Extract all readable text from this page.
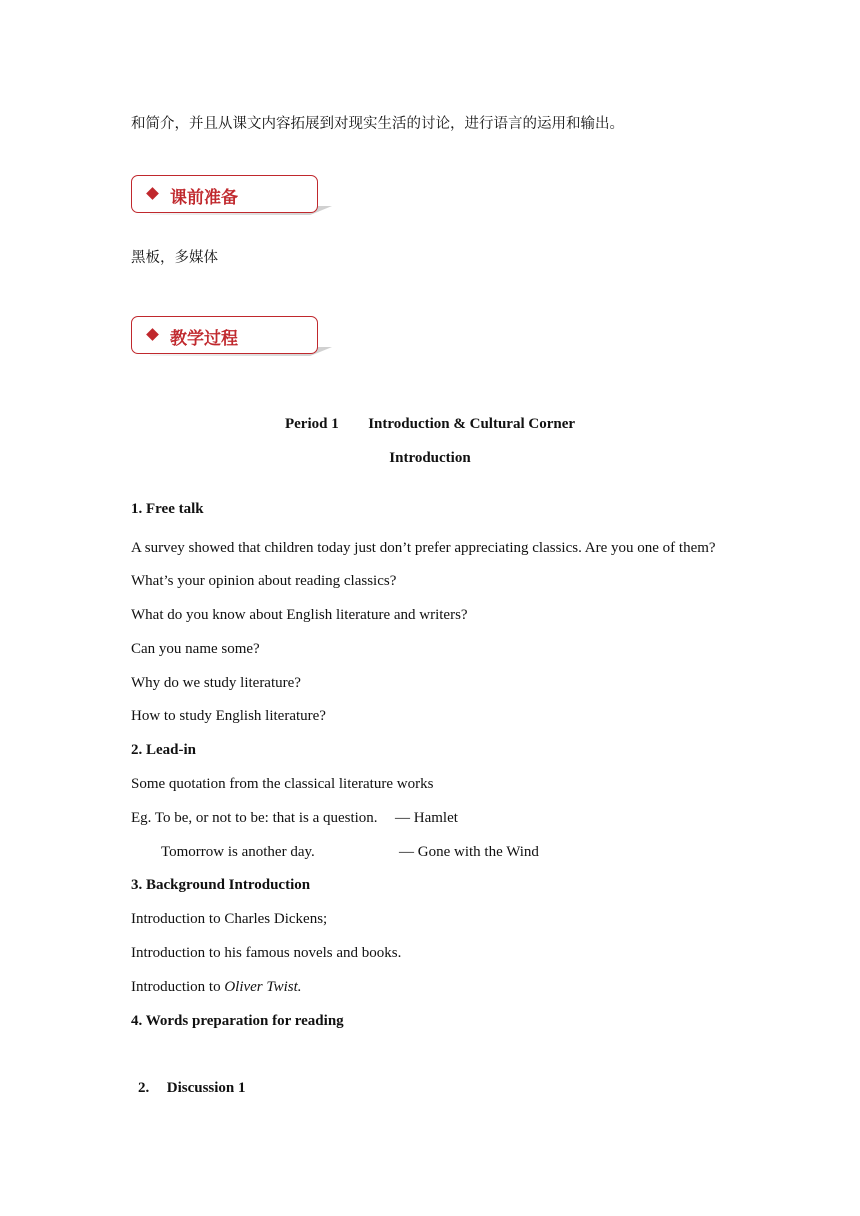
和简介，并且从课文内容拓展到对现实生活的讨论，进行语言的运用和输出。
课前准备
黑板，多媒体
教学过程
Period 1 Introduction & Cultural Corner
Introduction
1. Free talk
A survey showed that children today just don’t prefer appreciating classics. Are you one of them?
What’s your opinion about reading classics?
What do you know about English literature and writers?
Can you name some?
Why do we study literature?
How to study English literature?
2. Lead-in
Some quotation from the classical literature works
Eg. To be, or not to be: that is a question. — Hamlet
Tomorrow is another day.	— Gone with the Wind
3. Background Introduction
Introduction to Charles Dickens;
Introduction to his famous novels and books.
Introduction to Oliver Twist.
4. Words preparation for reading
2. Discussion 1
